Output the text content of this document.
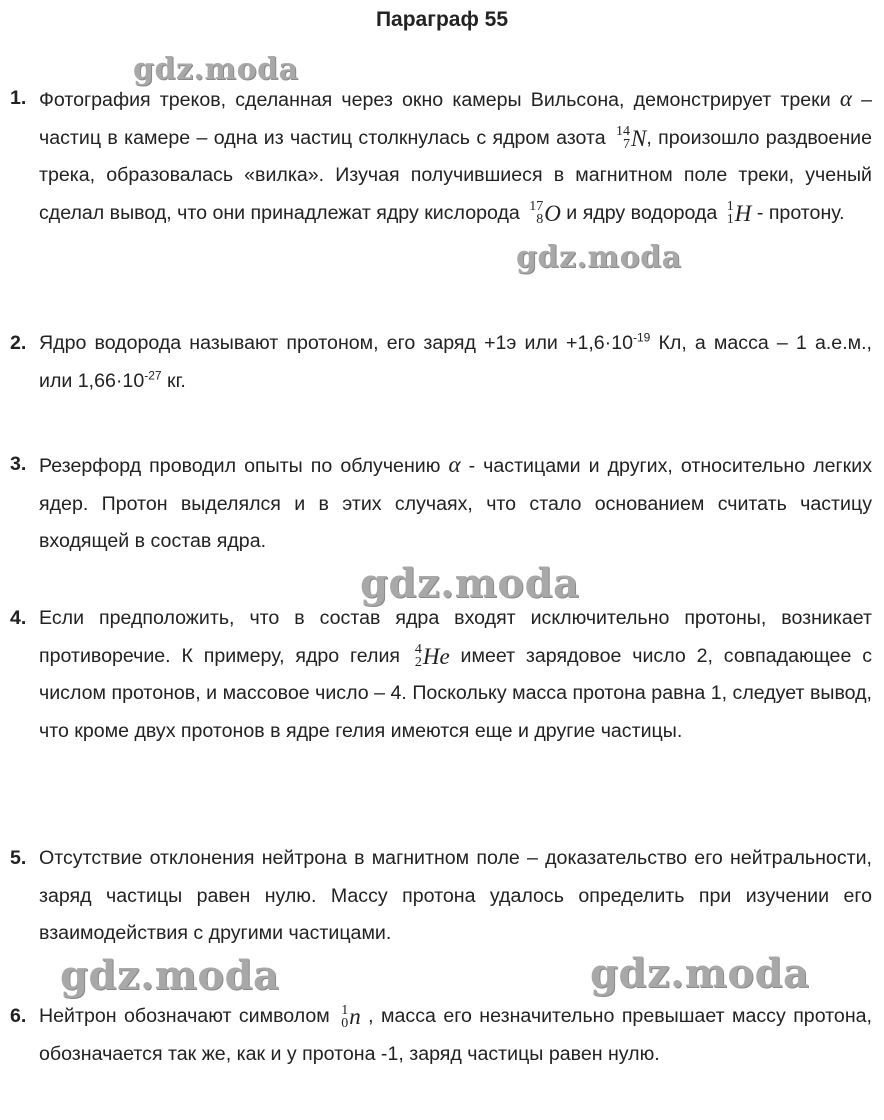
Параграф 55
gdz.moda
gdz.moda
gdz.moda
gdz.moda	gdz.moda
1. Фотография треков, сделанная через окно камеры Вильсона, демонстрирует треки α – частиц в камере – одна из частиц столкнулась с ядром азота 14
7 N, произошло раздвоение трека, образовалась «вилка». Изучая получившиеся в магнитном поле треки, ученый сделал вывод, что они принадлежат ядру кислорода 17
8 O и ядру водорода 1
1 H - протону.
2. Ядро водорода называют протоном, его заряд +1э или $+1,6\cdot 10^{-19}$ Кл, а масса – 1 а.е.м., или $1,66\cdot 10^{-27}$ кг.
3. Резерфорд проводил опыты по облучению α - частицами и других, относительно легких ядер. Протон выделялся и в этих случаях, что стало основанием считать частицу входящей в состав ядра.
4. Если предположить, что в состав ядра входят исключительно протоны, возникает противоречие. К примеру, ядро гелия 4
2 He имеет зарядовое число 2, совпадающее с числом протонов, и массовое число – 4. Поскольку масса протона равна 1, следует вывод, что кроме двух протонов в ядре гелия имеются еще и другие частицы.
5. Отсутствие отклонения нейтрона в магнитном поле – доказательство его нейтральности, заряд частицы равен нулю. Массу протона удалось определить при изучении его взаимодействия с другими частицами.
6. Нейтрон обозначают символом 1
0 n , масса его незначительно превышает массу протона, обозначается так же, как и у протона -1, заряд частицы равен нулю.
